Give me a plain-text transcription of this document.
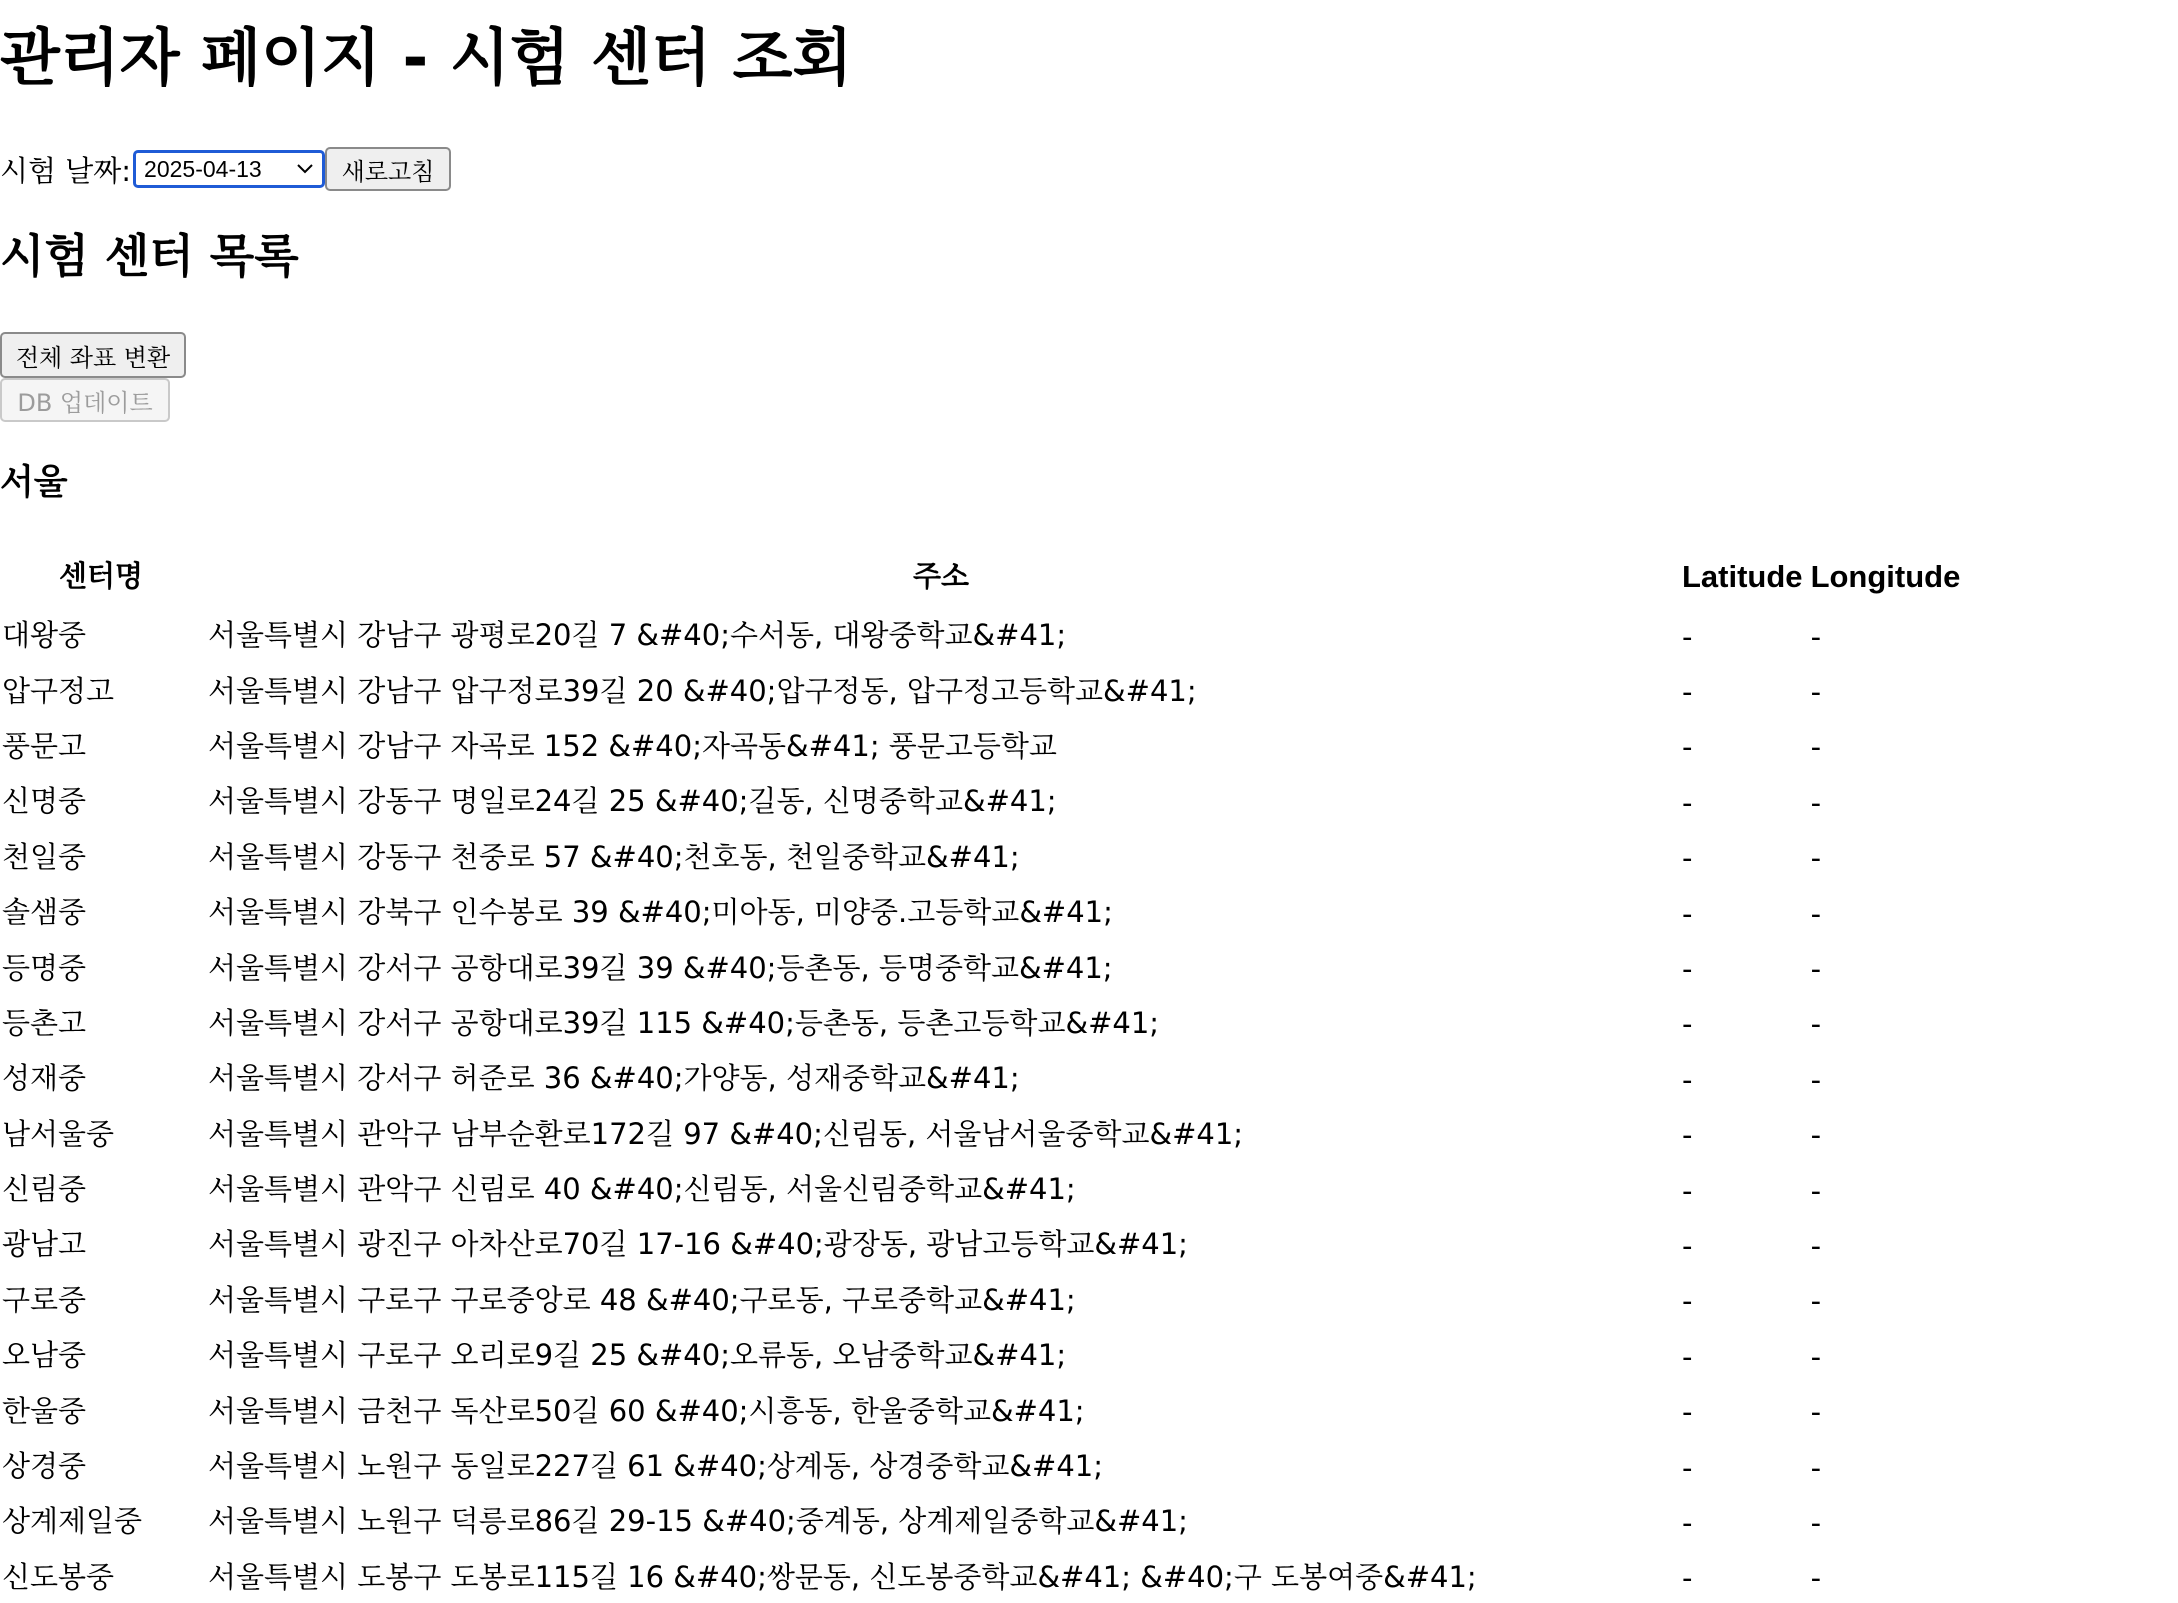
관리자 페이지 - 시험 센터 조회
시험 날짜: 2025-04-13	새로고침
시험 센터 목록
전체 좌표 변환
DB 업데이트
서울
센터명	주소	Latitude	Longitude
대왕중	서울특별시 강남구 광평로20길 7 &#40;수서동, 대왕중학교&#41;	-	-
압구정고	서울특별시 강남구 압구정로39길 20 &#40;압구정동, 압구정고등학교&#41;	-	-
풍문고	서울특별시 강남구 자곡로 152 &#40;자곡동&#41; 풍문고등학교	-	-
신명중	서울특별시 강동구 명일로24길 25 &#40;길동, 신명중학교&#41;	-	-
천일중	서울특별시 강동구 천중로 57 &#40;천호동, 천일중학교&#41;	-	-
솔샘중	서울특별시 강북구 인수봉로 39 &#40;미아동, 미양중.고등학교&#41;	-	-
등명중	서울특별시 강서구 공항대로39길 39 &#40;등촌동, 등명중학교&#41;	-	-
등촌고	서울특별시 강서구 공항대로39길 115 &#40;등촌동, 등촌고등학교&#41;	-	-
성재중	서울특별시 강서구 허준로 36 &#40;가양동, 성재중학교&#41;	-	-
남서울중	서울특별시 관악구 남부순환로172길 97 &#40;신림동, 서울남서울중학교&#41;	-	-
신림중	서울특별시 관악구 신림로 40 &#40;신림동, 서울신림중학교&#41;	-	-
광남고	서울특별시 광진구 아차산로70길 17-16 &#40;광장동, 광남고등학교&#41;	-	-
구로중	서울특별시 구로구 구로중앙로 48 &#40;구로동, 구로중학교&#41;	-	-
오남중	서울특별시 구로구 오리로9길 25 &#40;오류동, 오남중학교&#41;	-	-
한울중	서울특별시 금천구 독산로50길 60 &#40;시흥동, 한울중학교&#41;	-	-
상경중	서울특별시 노원구 동일로227길 61 &#40;상계동, 상경중학교&#41;	-	-
상계제일중	서울특별시 노원구 덕릉로86길 29-15 &#40;중계동, 상계제일중학교&#41;	-	-
신도봉중	서울특별시 도봉구 도봉로115길 16 &#40;쌍문동, 신도봉중학교&#41; &#40;구 도봉여중&#41;	-	-
